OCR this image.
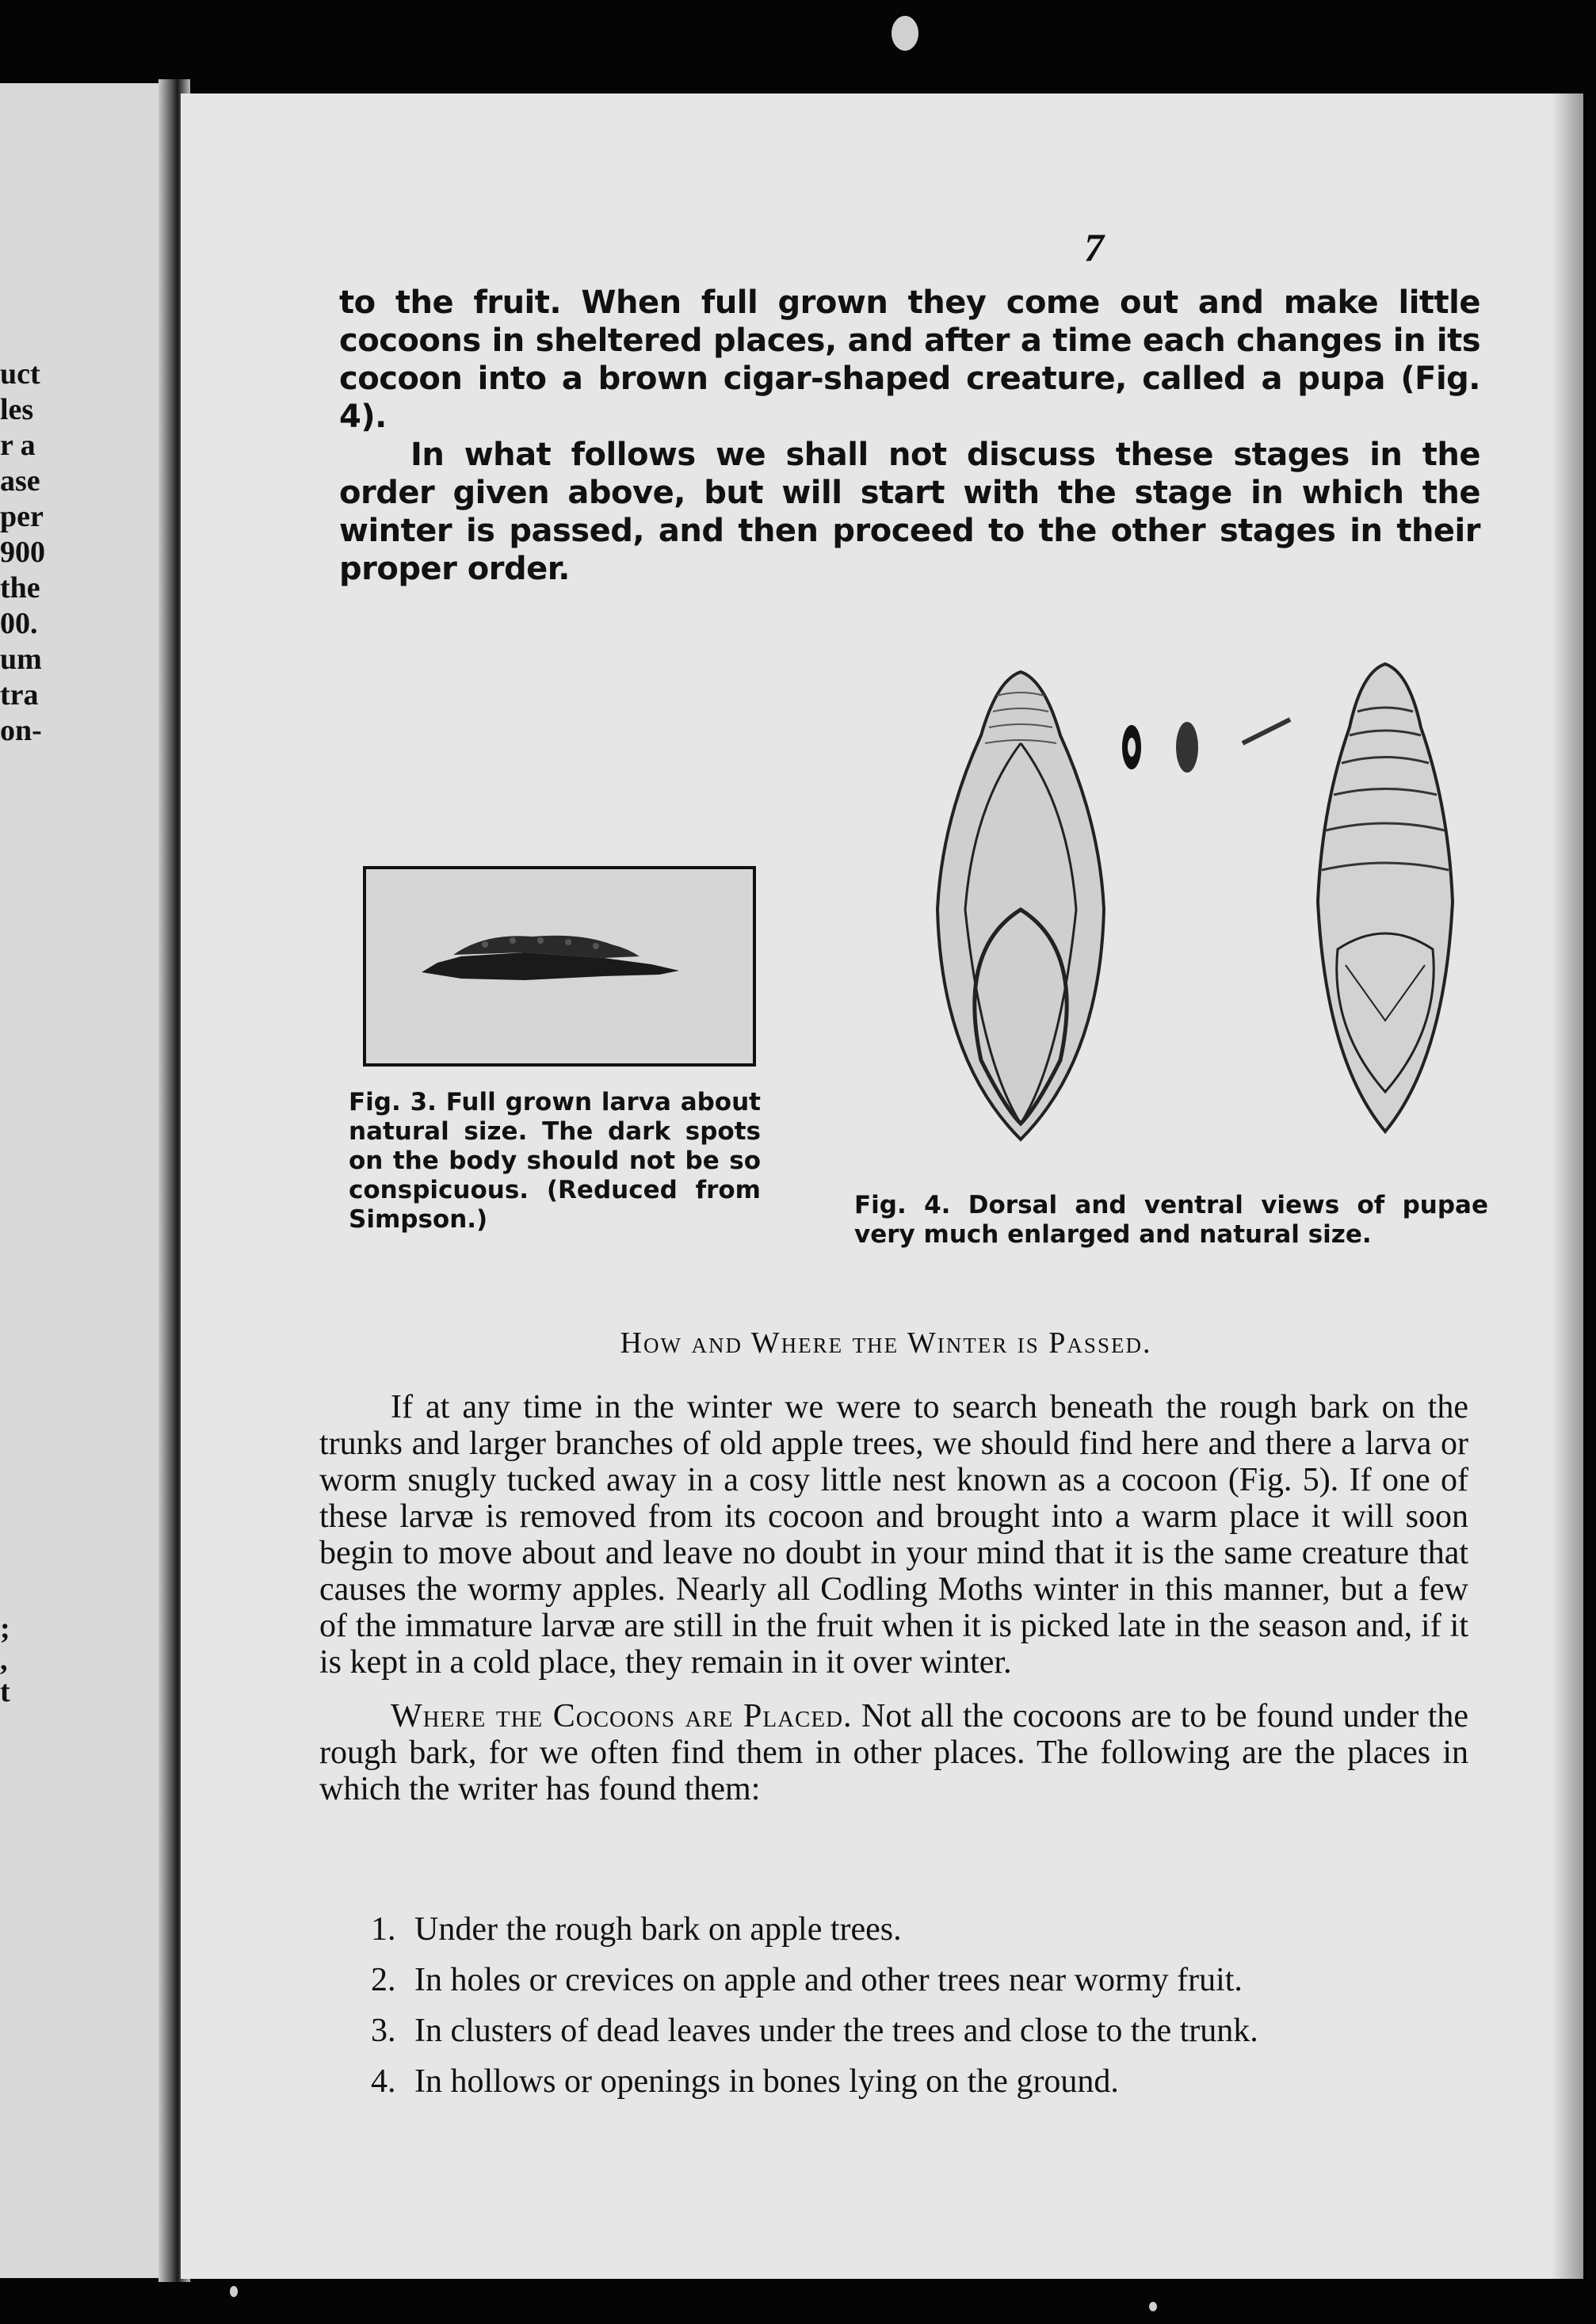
uct
les
r a
ase
per
900
the
00.
um
tra
on-
;
,
t
7

to the fruit. When full grown they come out and make little cocoons in sheltered places, and after a time each changes in its cocoon into a brown cigar-shaped creature, called a pupa (Fig. 4).

In what follows we shall not discuss these stages in the order given above, but will start with the stage in which the winter is passed, and then proceed to the other stages in their proper order.

Fig. 3. Full grown larva about natural size. The dark spots on the body should not be so conspicuous. (Reduced from Simpson.)	Fig. 4. Dorsal and ventral views of pupae very much enlarged and natural size.
How and Where the Winter is Passed.

If at any time in the winter we were to search beneath the rough bark on the trunks and larger branches of old apple trees, we should find here and there a larva or worm snugly tucked away in a cosy little nest known as a cocoon (Fig. 5). If one of these larvæ is removed from its cocoon and brought into a warm place it will soon begin to move about and leave no doubt in your mind that it is the same creature that causes the wormy apples. Nearly all Codling Moths winter in this manner, but a few of the immature larvæ are still in the fruit when it is picked late in the season and, if it is kept in a cold place, they remain in it over winter.

Where the Cocoons are Placed. Not all the cocoons are to be found under the rough bark, for we often find them in other places. The following are the places in which the writer has found them:

1. Under the rough bark on apple trees.
2. In holes or crevices on apple and other trees near wormy fruit.
3. In clusters of dead leaves under the trees and close to the trunk.
4. In hollows or openings in bones lying on the ground.
